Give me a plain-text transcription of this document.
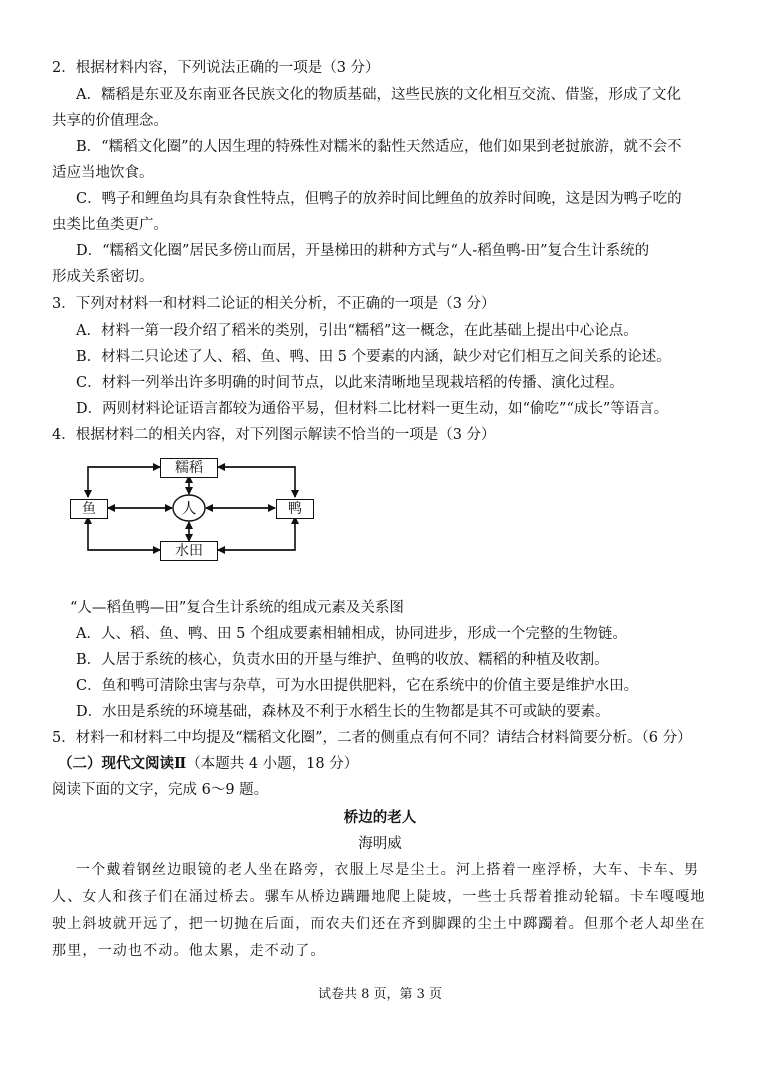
2．根据材料内容，下列说法正确的一项是（3 分）
A．糯稻是东亚及东南亚各民族文化的物质基础，这些民族的文化相互交流、借鉴，形成了文化
共享的价值理念。
B．“糯稻文化圈”的人因生理的特殊性对糯米的黏性天然适应，他们如果到老挝旅游，就不会不
适应当地饮食。
C．鸭子和鲤鱼均具有杂食性特点，但鸭子的放养时间比鲤鱼的放养时间晚，这是因为鸭子吃的
虫类比鱼类更广。
D．“糯稻文化圈”居民多傍山而居，开垦梯田的耕种方式与“人-稻鱼鸭-田”复合生计系统的
形成关系密切。
3．下列对材料一和材料二论证的相关分析，不正确的一项是（3 分）
A．材料一第一段介绍了稻米的类别，引出“糯稻”这一概念，在此基础上提出中心论点。
B．材料二只论述了人、稻、鱼、鸭、田 5 个要素的内涵，缺少对它们相互之间关系的论述。
C．材料一列举出许多明确的时间节点，以此来清晰地呈现栽培稻的传播、演化过程。
D．两则材料论证语言都较为通俗平易，但材料二比材料一更生动，如“偷吃”“成长”等语言。
4．根据材料二的相关内容，对下列图示解读不恰当的一项是（3 分）
糯稻
鱼	鸭
水田
人
“人—稻鱼鸭—田”复合生计系统的组成元素及关系图
A．人、稻、鱼、鸭、田 5 个组成要素相辅相成，协同进步，形成一个完整的生物链。
B．人居于系统的核心，负责水田的开垦与维护、鱼鸭的收放、糯稻的种植及收割。
C．鱼和鸭可清除虫害与杂草，可为水田提供肥料，它在系统中的价值主要是维护水田。
D．水田是系统的环境基础，森林及不利于水稻生长的生物都是其不可或缺的要素。
5．材料一和材料二中均提及“糯稻文化圈”，二者的侧重点有何不同？请结合材料简要分析。（6 分）
（二）现代文阅读Ⅱ（本题共 4 小题，18 分）
阅读下面的文字，完成 6～9 题。
桥边的老人
海明威
一个戴着钢丝边眼镜的老人坐在路旁，衣服上尽是尘土。河上搭着一座浮桥，大车、卡车、男
人、女人和孩子们在涌过桥去。骡车从桥边蹒跚地爬上陡坡，一些士兵帮着推动轮辐。卡车嘎嘎地
驶上斜坡就开远了，把一切抛在后面，而农夫们还在齐到脚踝的尘土中踯躅着。但那个老人却坐在
那里，一动也不动。他太累，走不动了。
试卷共 8 页，第 3 页
